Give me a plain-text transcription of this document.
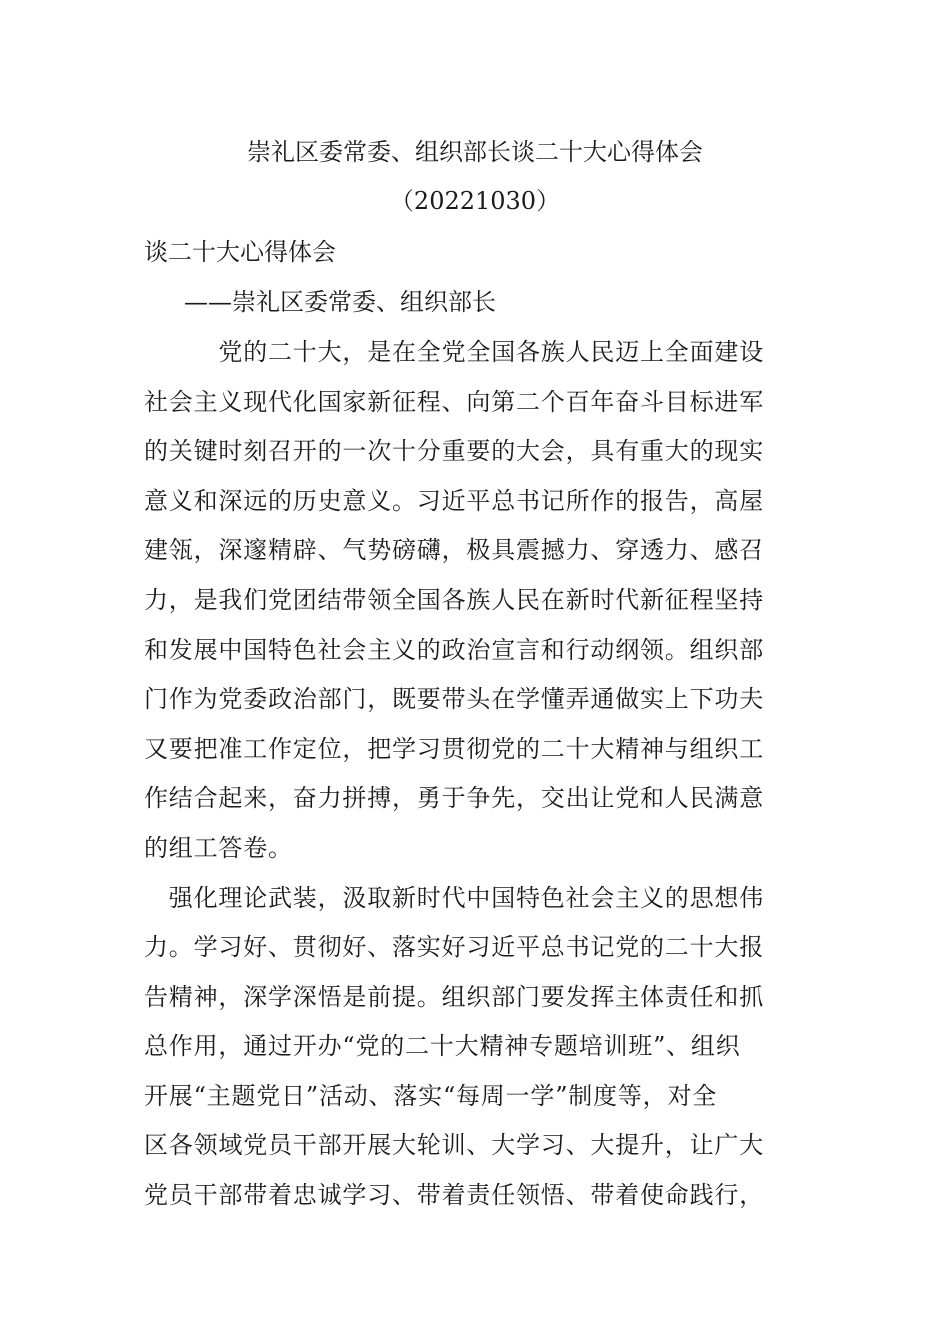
崇礼区委常委、组织部长谈二十大心得体会
（20221030）
谈二十大心得体会
——崇礼区委常委、组织部长
　　　党的二十大，是在全党全国各族人民迈上全面建设
社会主义现代化国家新征程、向第二个百年奋斗目标进军
的关键时刻召开的一次十分重要的大会，具有重大的现实
意义和深远的历史意义。习近平总书记所作的报告，高屋
建瓴，深邃精辟、气势磅礴，极具震撼力、穿透力、感召
力，是我们党团结带领全国各族人民在新时代新征程坚持
和发展中国特色社会主义的政治宣言和行动纲领。组织部
门作为党委政治部门，既要带头在学懂弄通做实上下功夫
又要把准工作定位，把学习贯彻党的二十大精神与组织工
作结合起来，奋力拼搏，勇于争先，交出让党和人民满意
的组工答卷。
　强化理论武装，汲取新时代中国特色社会主义的思想伟
力。学习好、贯彻好、落实好习近平总书记党的二十大报
告精神，深学深悟是前提。组织部门要发挥主体责任和抓
总作用，通过开办“党的二十大精神专题培训班”、组织
开展“主题党日”活动、落实“每周一学”制度等，对全
区各领域党员干部开展大轮训、大学习、大提升，让广大
党员干部带着忠诚学习、带着责任领悟、带着使命践行，
